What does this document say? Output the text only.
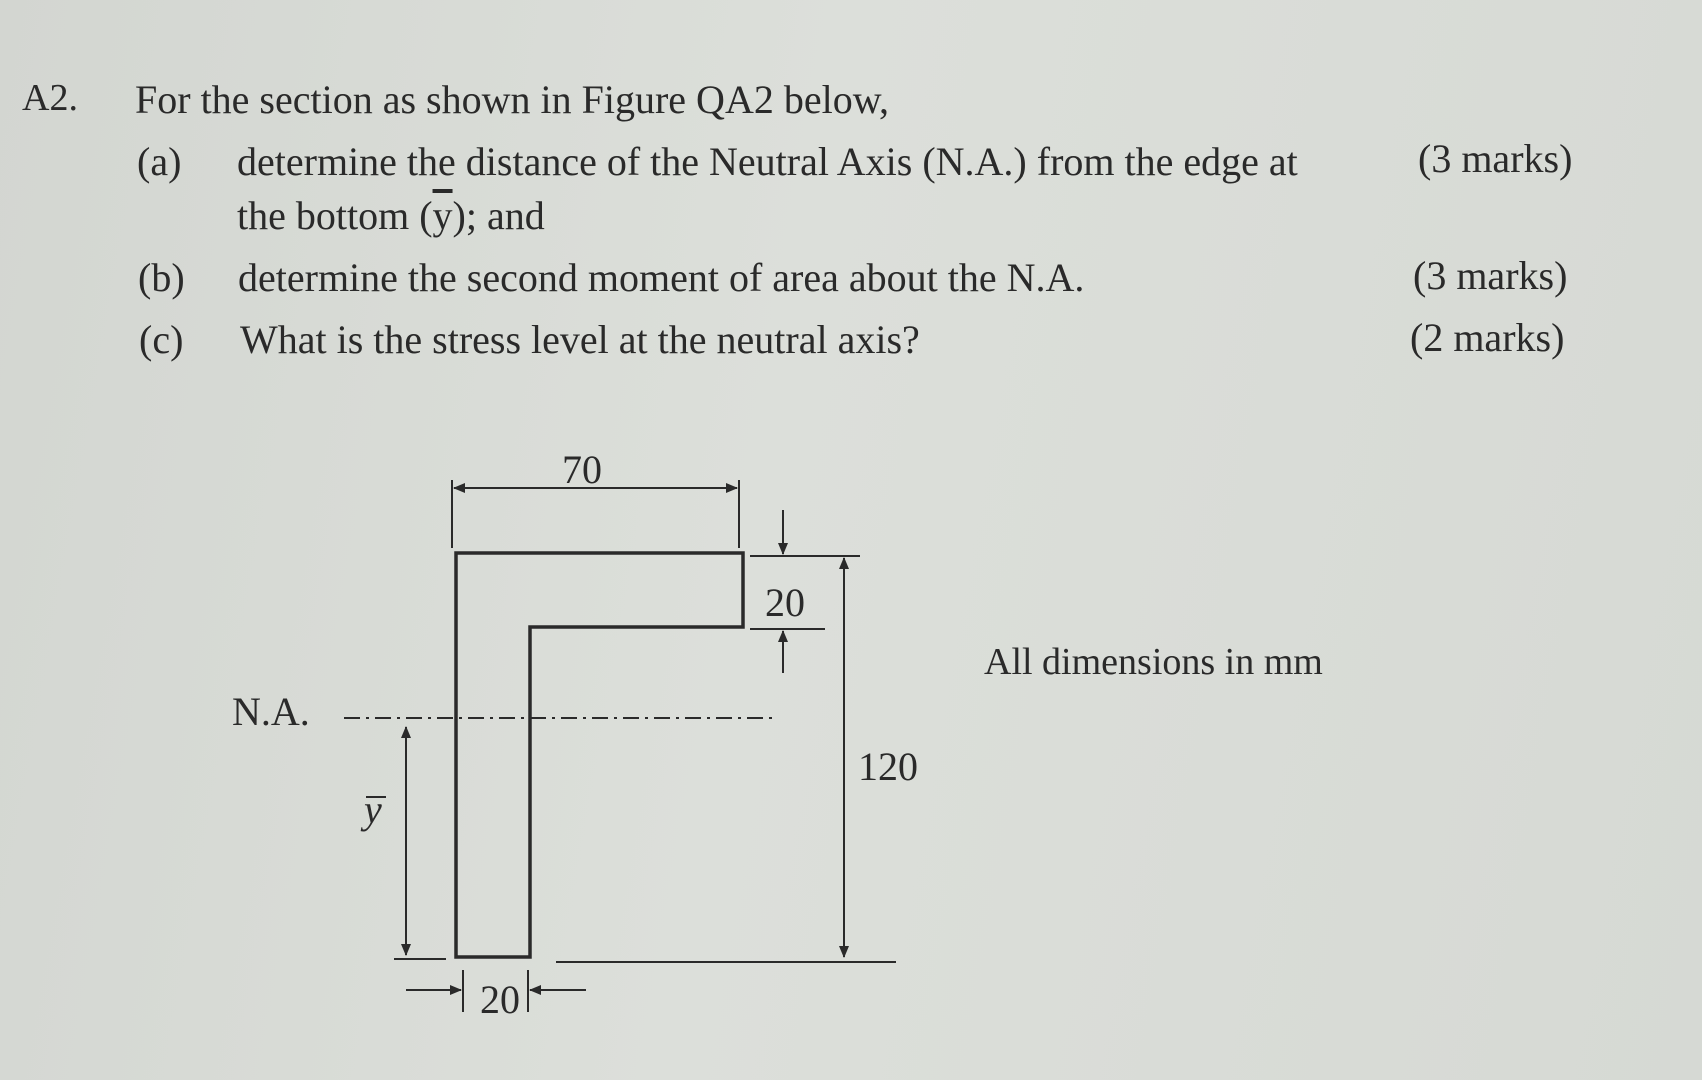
A2. For the section as shown in Figure QA2 below,
(a) determine the distance of the Neutral Axis (N.A.) from the edge at
the bottom $(\overline{y})$; and
(3 marks)
(b) determine the second moment of area about the N.A.	(3 marks)
(c) What is the stress level at the neutral axis?	(2 marks)
70
20
120
N.A.
y
20
All dimensions in mm
